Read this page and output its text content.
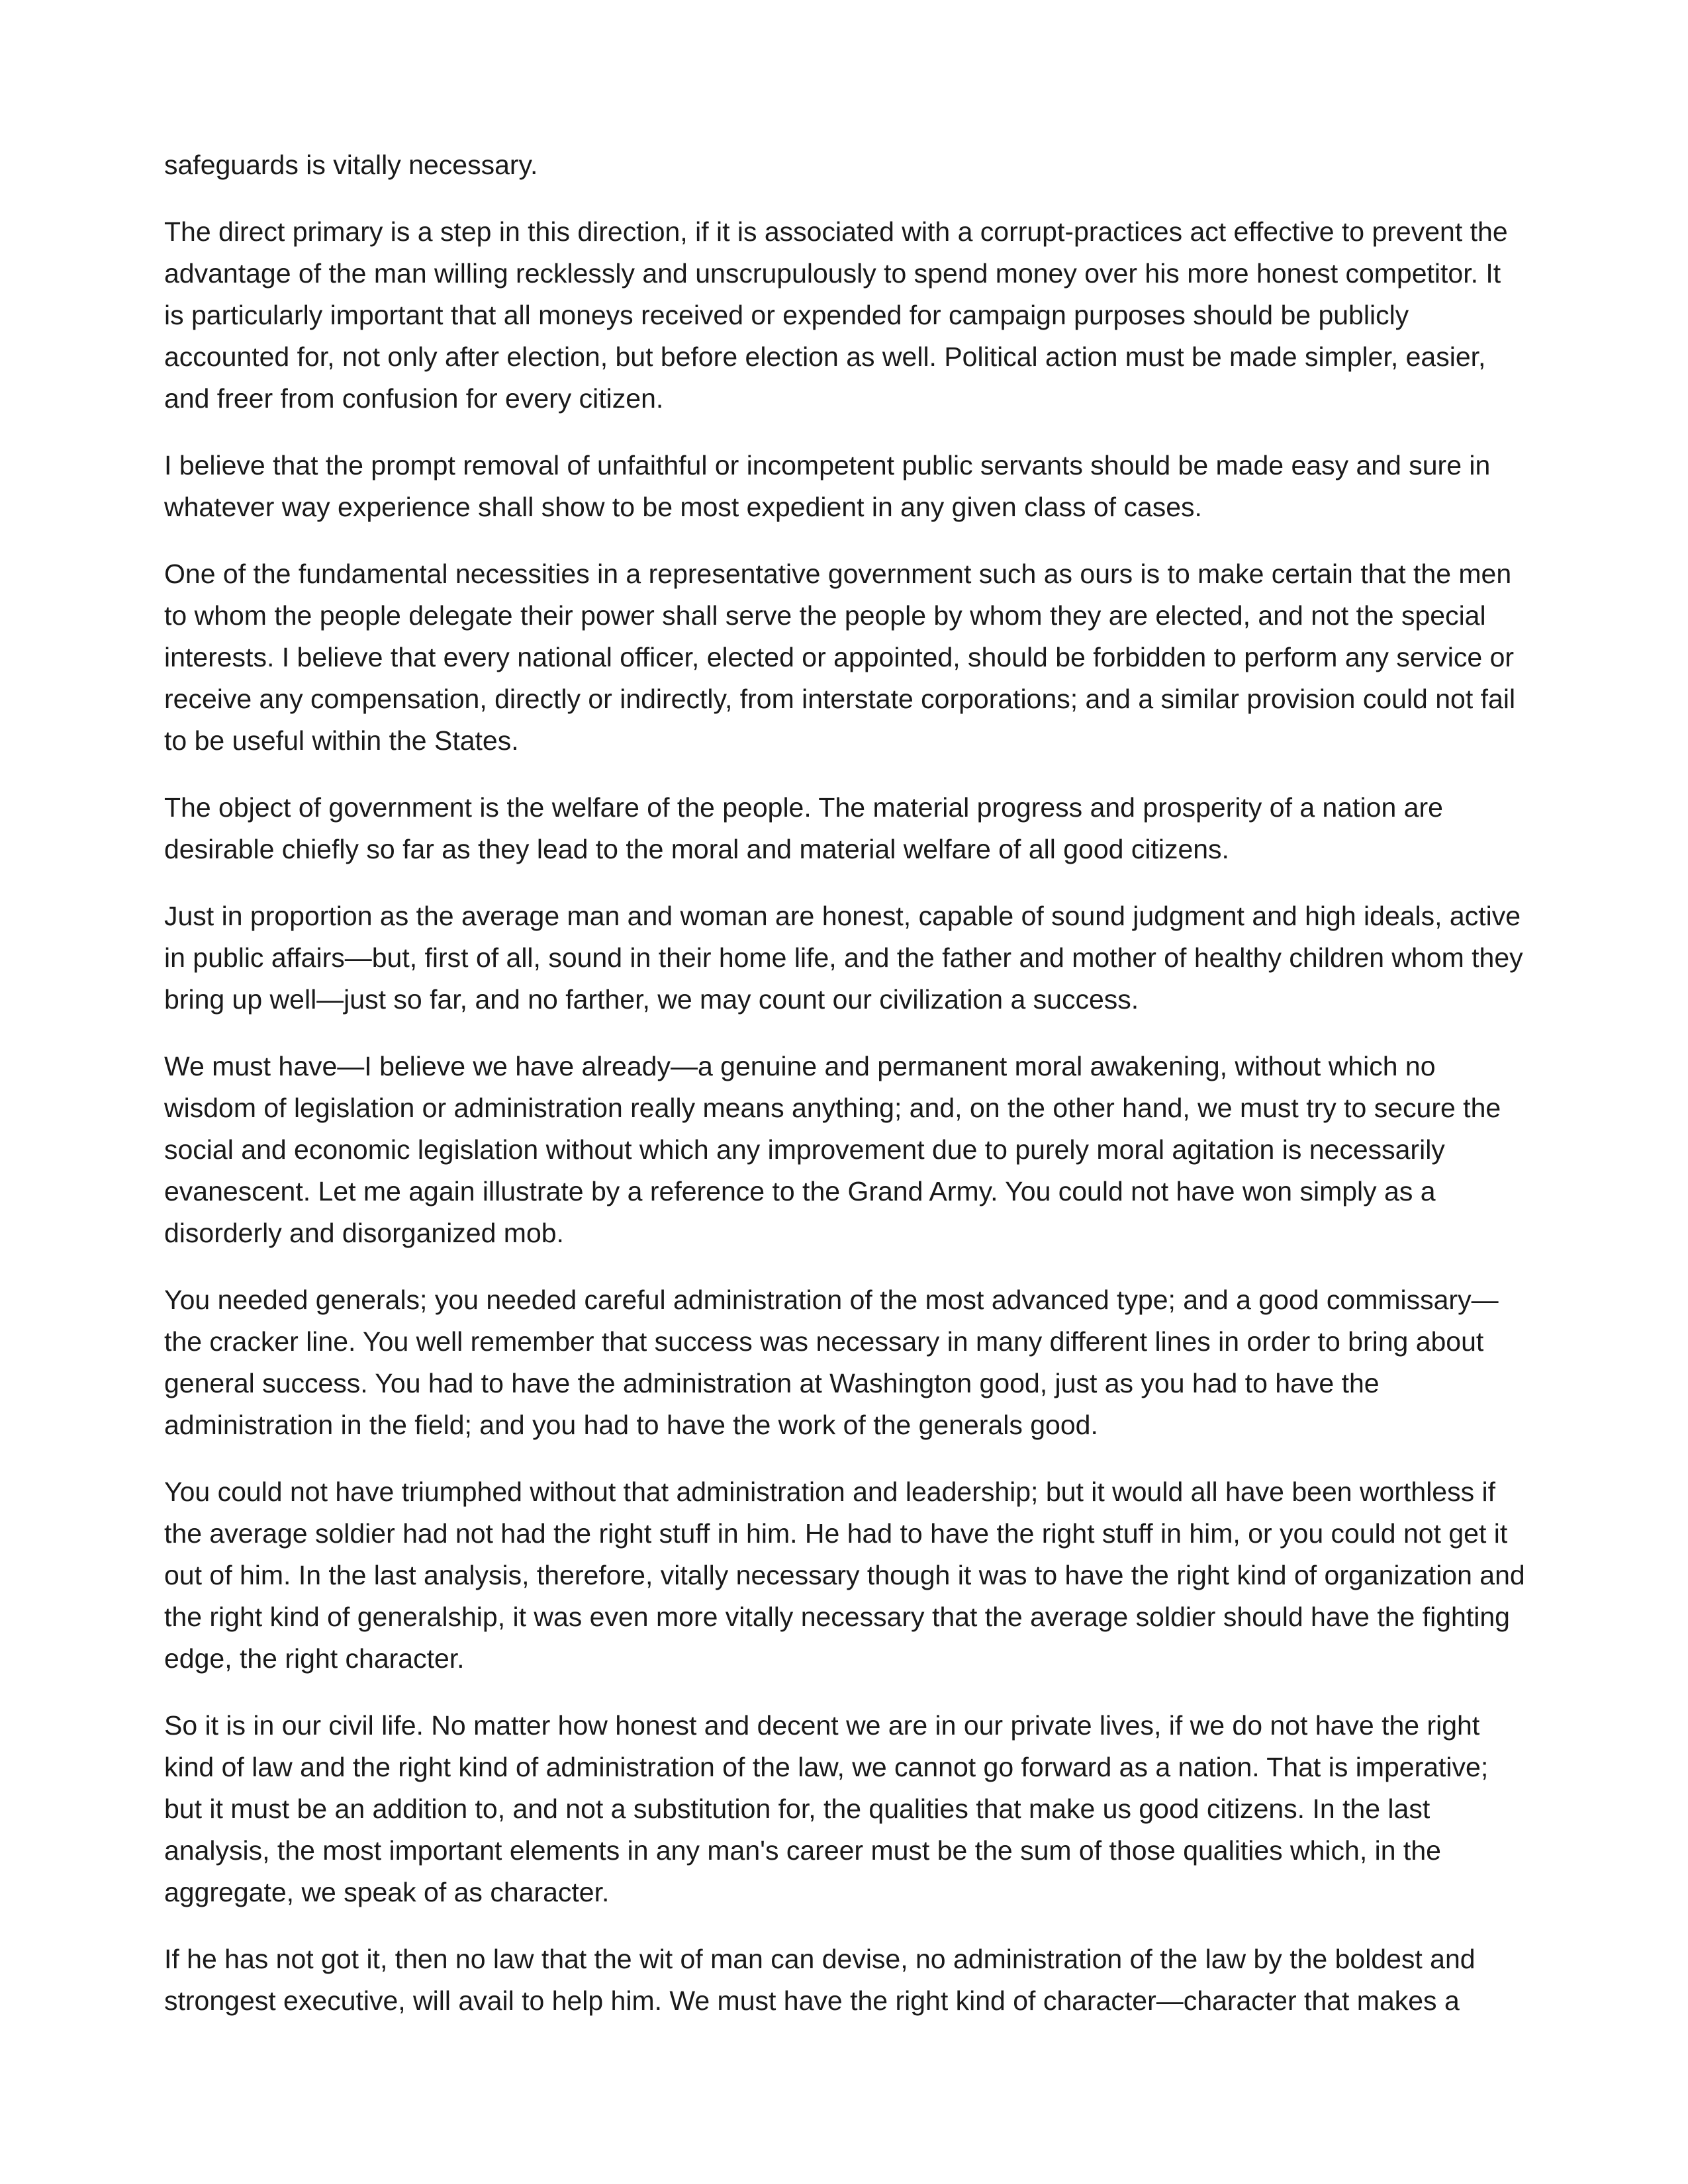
safeguards is vitally necessary.

The direct primary is a step in this direction, if it is associated with a corrupt-practices act effective to prevent the advantage of the man willing recklessly and unscrupulously to spend money over his more honest competitor. It is particularly important that all moneys received or expended for campaign purposes should be publicly accounted for, not only after election, but before election as well. Political action must be made simpler, easier, and freer from confusion for every citizen.

I believe that the prompt removal of unfaithful or incompetent public servants should be made easy and sure in whatever way experience shall show to be most expedient in any given class of cases.

One of the fundamental necessities in a representative government such as ours is to make certain that the men to whom the people delegate their power shall serve the people by whom they are elected, and not the special interests. I believe that every national officer, elected or appointed, should be forbidden to perform any service or receive any compensation, directly or indirectly, from interstate corporations; and a similar provision could not fail to be useful within the States.

The object of government is the welfare of the people. The material progress and prosperity of a nation are desirable chiefly so far as they lead to the moral and material welfare of all good citizens.

Just in proportion as the average man and woman are honest, capable of sound judgment and high ideals, active in public affairs—but, first of all, sound in their home life, and the father and mother of healthy children whom they bring up well—just so far, and no farther, we may count our civilization a success.

We must have—I believe we have already—a genuine and permanent moral awakening, without which no wisdom of legislation or administration really means anything; and, on the other hand, we must try to secure the social and economic legislation without which any improvement due to purely moral agitation is necessarily evanescent. Let me again illustrate by a reference to the Grand Army. You could not have won simply as a disorderly and disorganized mob.

You needed generals; you needed careful administration of the most advanced type; and a good commissary—the cracker line. You well remember that success was necessary in many different lines in order to bring about general success. You had to have the administration at Washington good, just as you had to have the administration in the field; and you had to have the work of the generals good.

You could not have triumphed without that administration and leadership; but it would all have been worthless if the average soldier had not had the right stuff in him. He had to have the right stuff in him, or you could not get it out of him. In the last analysis, therefore, vitally necessary though it was to have the right kind of organization and the right kind of generalship, it was even more vitally necessary that the average soldier should have the fighting edge, the right character.

So it is in our civil life. No matter how honest and decent we are in our private lives, if we do not have the right kind of law and the right kind of administration of the law, we cannot go forward as a nation. That is imperative; but it must be an addition to, and not a substitution for, the qualities that make us good citizens. In the last analysis, the most important elements in any man's career must be the sum of those qualities which, in the aggregate, we speak of as character.

If he has not got it, then no law that the wit of man can devise, no administration of the law by the boldest and strongest executive, will avail to help him. We must have the right kind of character—character that makes a
